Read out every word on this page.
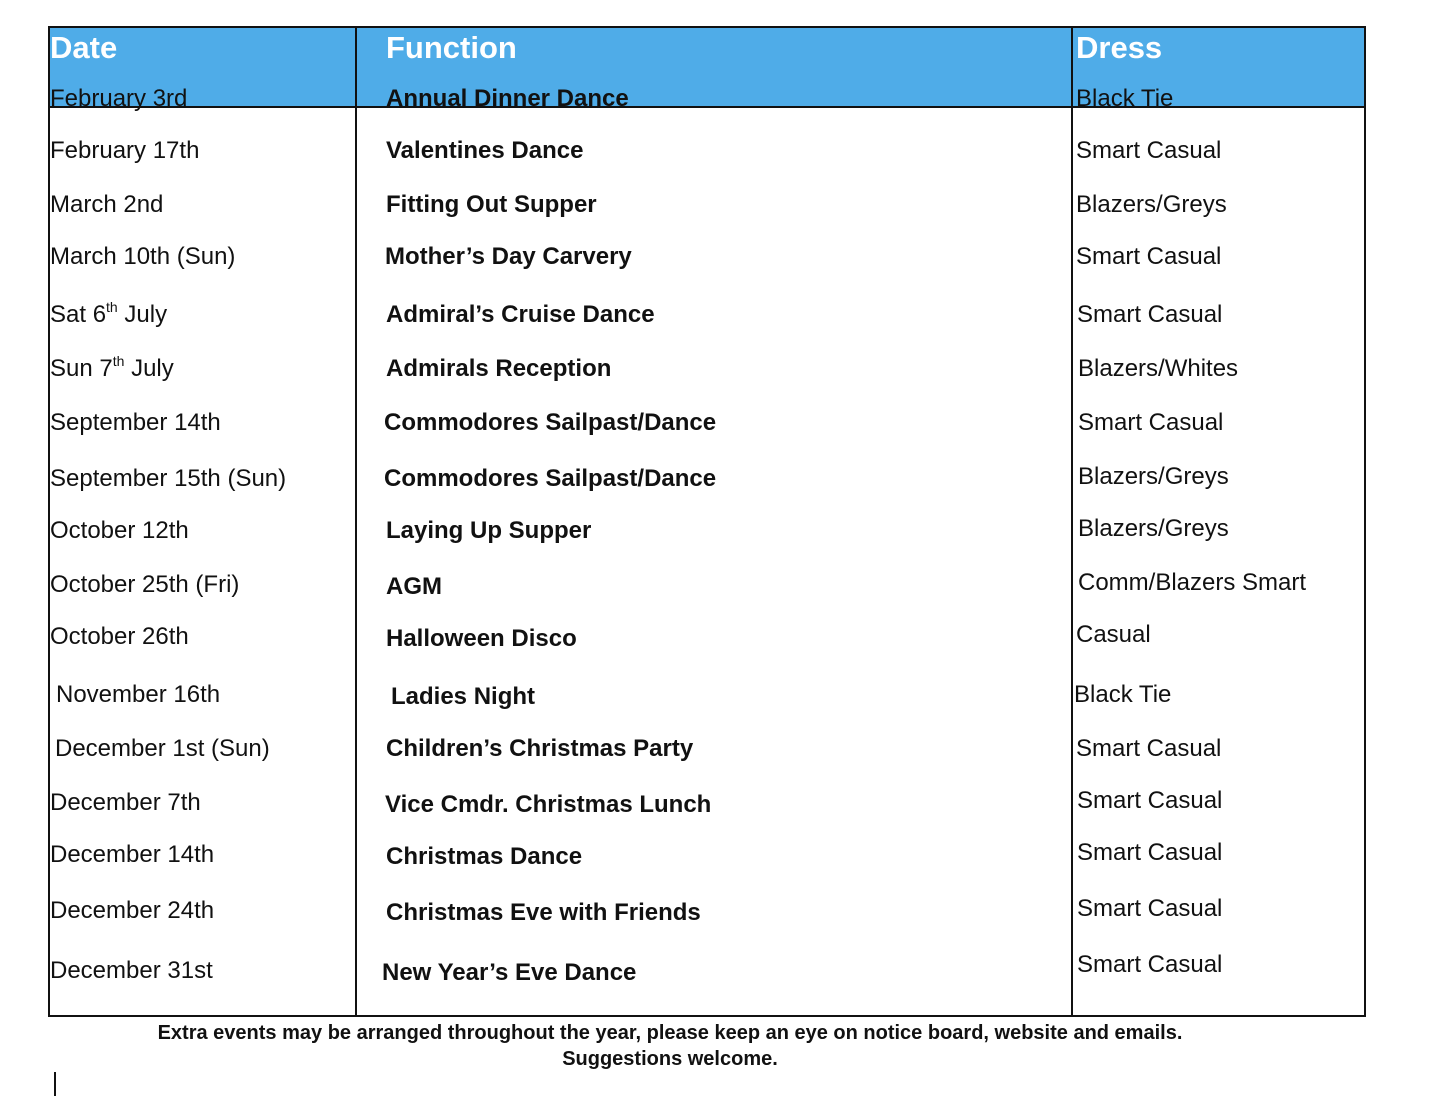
Date	Function	Dress
February 3rd	Annual Dinner Dance	Black Tie
February 17th	Valentines Dance	Smart Casual
March 2nd	Fitting Out Supper	Blazers/Greys
March 10th (Sun)	Mother’s Day Carvery	Smart Casual
Sat 6th July	Admiral’s Cruise Dance	Smart Casual
Sun 7th July	Admirals Reception	Blazers/Whites
September 14th	Commodores Sailpast/Dance	Smart Casual
September 15th (Sun)	Commodores Sailpast/Dance	Blazers/Greys
October 12th	Laying Up Supper	Blazers/Greys
October 25th (Fri)	AGM	Comm/Blazers Smart
October 26th	Halloween Disco	Casual
November 16th	Ladies Night	Black Tie
December 1st (Sun)	Children’s Christmas Party	Smart Casual
December 7th	Vice Cmdr. Christmas Lunch	Smart Casual
December 14th	Christmas Dance	Smart Casual
December 24th	Christmas Eve with Friends	Smart Casual
December 31st	New Year’s Eve Dance	Smart Casual
Extra events may be arranged throughout the year, please keep an eye on notice board, website and emails.
Suggestions welcome.
